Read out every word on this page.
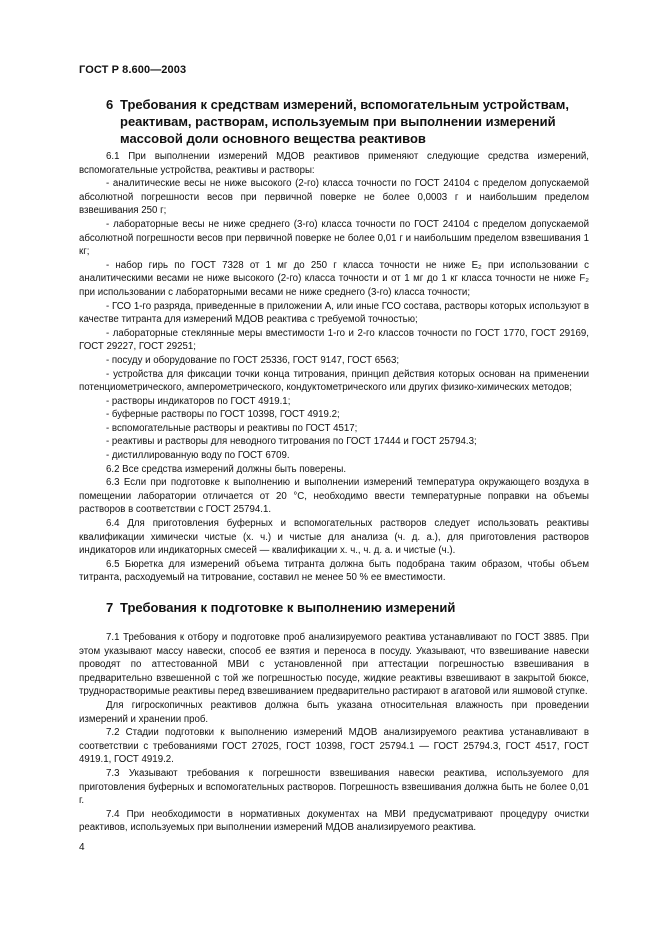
ГОСТ Р 8.600—2003
6 Требования к средствам измерений, вспомогательным устройствам, реактивам, растворам, используемым при выполнении измерений массовой доли основного вещества реактивов

6.1 При выполнении измерений МДОВ реактивов применяют следующие средства измерений, вспомогательные устройства, реактивы и растворы:

- аналитические весы не ниже высокого (2-го) класса точности по ГОСТ 24104 с пределом допускаемой абсолютной погрешности весов при первичной поверке не более 0,0003 г и наибольшим пределом взвешивания 250 г;

- лабораторные весы не ниже среднего (3-го) класса точности по ГОСТ 24104 с пределом допускаемой абсолютной погрешности весов при первичной поверке не более 0,01 г и наибольшим пределом взвешивания 1 кг;

- набор гирь по ГОСТ 7328 от 1 мг до 250 г класса точности не ниже E₂ при использовании с аналитическими весами не ниже высокого (2-го) класса точности и от 1 мг до 1 кг класса точности не ниже F₂ при использовании с лабораторными весами не ниже среднего (3-го) класса точности;

- ГСО 1-го разряда, приведенные в приложении А, или иные ГСО состава, растворы которых используют в качестве титранта для измерений МДОВ реактива с требуемой точностью;

- лабораторные стеклянные меры вместимости 1-го и 2-го классов точности по ГОСТ 1770, ГОСТ 29169, ГОСТ 29227, ГОСТ 29251;

- посуду и оборудование по ГОСТ 25336, ГОСТ 9147, ГОСТ 6563;

- устройства для фиксации точки конца титрования, принцип действия которых основан на применении потенциометрического, амперометрического, кондуктометрического или других физико-химических методов;

- растворы индикаторов по ГОСТ 4919.1;

- буферные растворы по ГОСТ 10398, ГОСТ 4919.2;

- вспомогательные растворы и реактивы по ГОСТ 4517;

- реактивы и растворы для неводного титрования по ГОСТ 17444 и ГОСТ 25794.3;

- дистиллированную воду по ГОСТ 6709.

6.2 Все средства измерений должны быть поверены.

6.3 Если при подготовке к выполнению и выполнении измерений температура окружающего воздуха в помещении лаборатории отличается от 20 °С, необходимо ввести температурные поправки на объемы растворов в соответствии с ГОСТ 25794.1.

6.4 Для приготовления буферных и вспомогательных растворов следует использовать реактивы квалификации химически чистые (х. ч.) и чистые для анализа (ч. д. а.), для приготовления растворов индикаторов или индикаторных смесей — квалификации х. ч., ч. д. а. и чистые (ч.).

6.5 Бюретка для измерений объема титранта должна быть подобрана таким образом, чтобы объем титранта, расходуемый на титрование, составил не менее 50 % ее вместимости.

7 Требования к подготовке к выполнению измерений

7.1 Требования к отбору и подготовке проб анализируемого реактива устанавливают по ГОСТ 3885. При этом указывают массу навески, способ ее взятия и переноса в посуду. Указывают, что взвешивание навески проводят по аттестованной МВИ с установленной при аттестации погрешностью взвешивания в предварительно взвешенной с той же погрешностью посуде, жидкие реактивы взвешивают в закрытой бюксе, труднорастворимые реактивы перед взвешиванием предварительно растирают в агатовой или яшмовой ступке.

Для гигроскопичных реактивов должна быть указана относительная влажность при проведении измерений и хранении проб.

7.2 Стадии подготовки к выполнению измерений МДОВ анализируемого реактива устанавливают в соответствии с требованиями ГОСТ 27025, ГОСТ 10398, ГОСТ 25794.1 — ГОСТ 25794.3, ГОСТ 4517, ГОСТ 4919.1, ГОСТ 4919.2.

7.3 Указывают требования к погрешности взвешивания навески реактива, используемого для приготовления буферных и вспомогательных растворов. Погрешность взвешивания должна быть не более 0,01 г.

7.4 При необходимости в нормативных документах на МВИ предусматривают процедуру очистки реактивов, используемых при выполнении измерений МДОВ анализируемого реактива.

4
